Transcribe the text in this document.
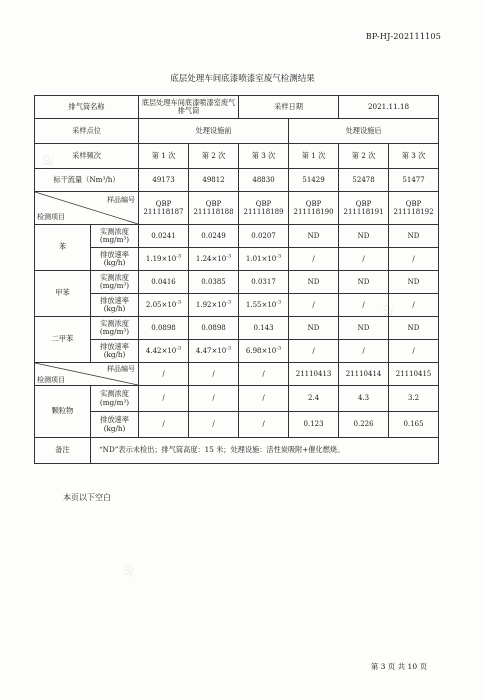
⚘
⚘
⚘
BP-HJ-202111105
底层处理车间底漆喷漆室废气检测结果
排气筒名称		底层处理车间底漆喷漆室废气排气筒		采样日期		2021.11.18	
采样点位		处理设施前			处理设施后		
采样频次		第 1 次	第 2 次	第 3 次	第 1 次	第 2 次	第 3 次
标干流量（Nm³/h）		49173	49812	48830	51429	52478	51477

样品编号
检测项目		QBP 211118187	QBP 211118188	QBP 211118189	QBP 211118190	QBP 211118191	QBP 211118192
苯	实测浓度
(mg/m³)	0.0241	0.0249	0.0207	ND	ND	ND
	排放速率
(kg/h)	$1.19\times 10^{-3}$	$1.24\times 10^{-3}$	$1.01\times 10^{-3}$	/	/	/
甲苯	实测浓度
(mg/m³)	0.0416	0.0385	0.0317	ND	ND	ND
	排放速率
(kg/h)	$2.05\times 10^{-3}$	$1.92\times 10^{-3}$	$1.55\times 10^{-3}$	/	/	/
二甲苯	实测浓度
(mg/m³)	0.0898	0.0898	0.143	ND	ND	ND
	排放速率
(kg/h)	$4.42\times 10^{-3}$	$4.47\times 10^{-3}$	$6.98\times 10^{-3}$	/	/	/

样品编号
检测项目		/	/	/	21110413	21110414	21110415
颗粒物	实测浓度
(mg/m³)	/	/	/	2.4	4.3	3.2
	排放速率
(kg/h)	/	/	/	0.123	0.226	0.165
备注	“ND”表示未检出；排气筒高度：15 米；处理设施：活性炭吸附+催化燃烧。						
本页以下空白
第 3 页 共 10 页
